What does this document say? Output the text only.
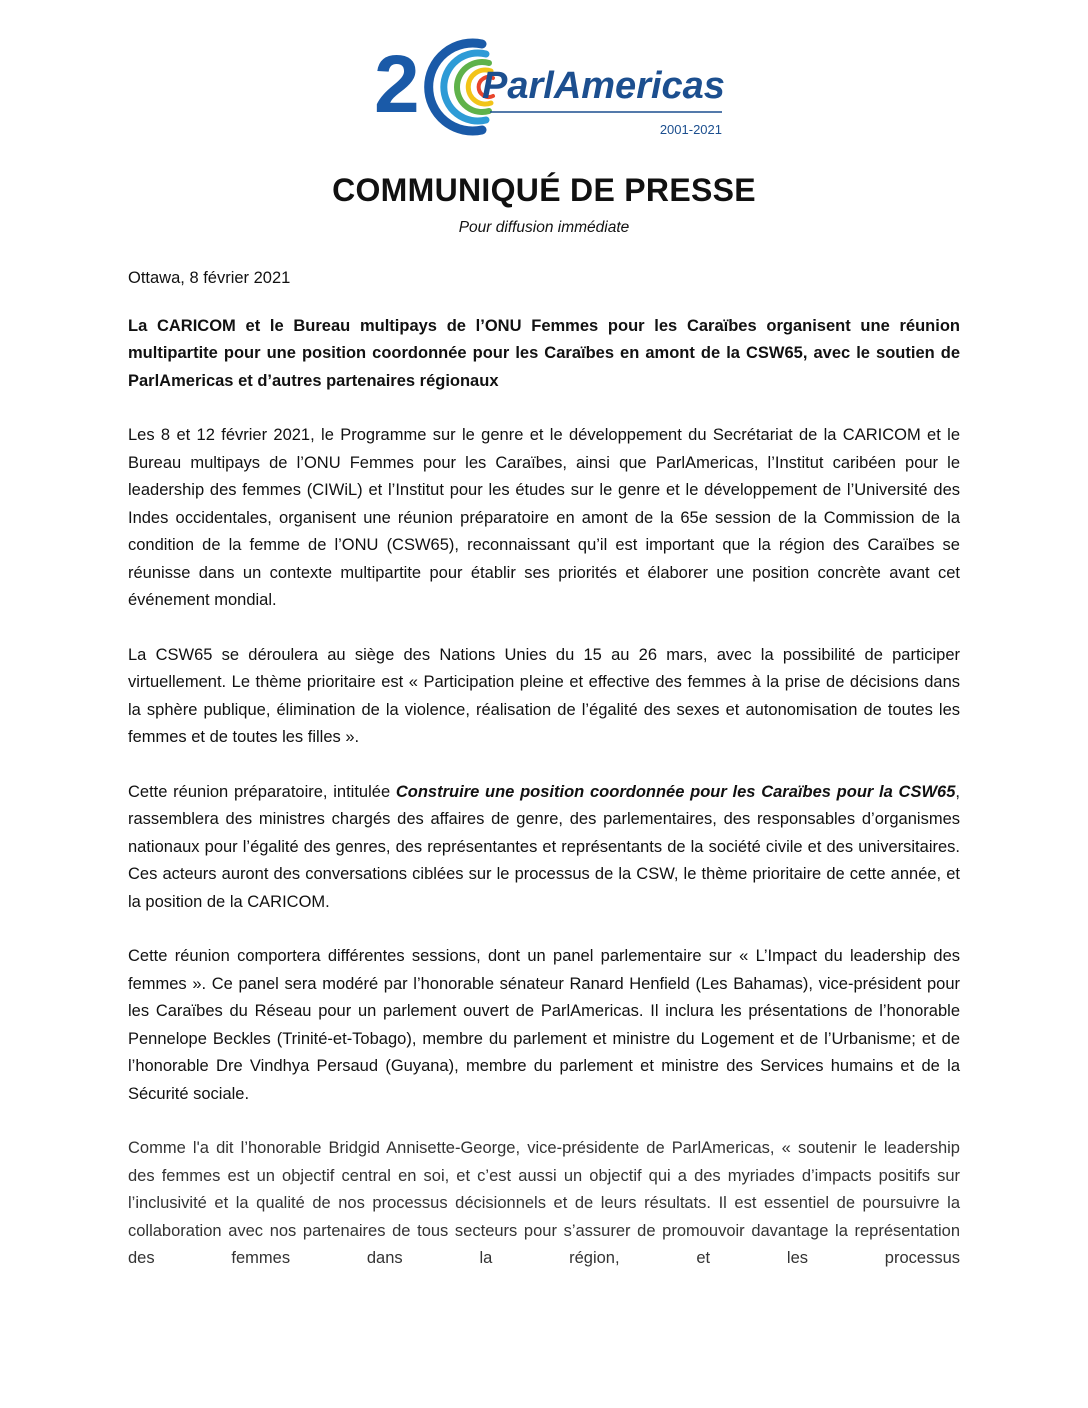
2 ParlAmericas
2001-2021
COMMUNIQUÉ DE PRESSE
Pour diffusion immédiate

Ottawa, 8 février 2021

La CARICOM et le Bureau multipays de l’ONU Femmes pour les Caraïbes organisent une réunion multipartite pour une position coordonnée pour les Caraïbes en amont de la CSW65, avec le soutien de ParlAmericas et d’autres partenaires régionaux

Les 8 et 12 février 2021, le Programme sur le genre et le développement du Secrétariat de la CARICOM et le Bureau multipays de l’ONU Femmes pour les Caraïbes, ainsi que ParlAmericas, l’Institut caribéen pour le leadership des femmes (CIWiL) et l’Institut pour les études sur le genre et le développement de l’Université des Indes occidentales, organisent une réunion préparatoire en amont de la 65e session de la Commission de la condition de la femme de l’ONU (CSW65), reconnaissant qu’il est important que la région des Caraïbes se réunisse dans un contexte multipartite pour établir ses priorités et élaborer une position concrète avant cet événement mondial.

La CSW65 se déroulera au siège des Nations Unies du 15 au 26 mars, avec la possibilité de participer virtuellement. Le thème prioritaire est « Participation pleine et effective des femmes à la prise de décisions dans la sphère publique, élimination de la violence, réalisation de l’égalité des sexes et autonomisation de toutes les femmes et de toutes les filles ».

Cette réunion préparatoire, intitulée Construire une position coordonnée pour les Caraïbes pour la CSW65, rassemblera des ministres chargés des affaires de genre, des parlementaires, des responsables d’organismes nationaux pour l’égalité des genres, des représentantes et représentants de la société civile et des universitaires. Ces acteurs auront des conversations ciblées sur le processus de la CSW, le thème prioritaire de cette année, et la position de la CARICOM.

Cette réunion comportera différentes sessions, dont un panel parlementaire sur « L’Impact du leadership des femmes ». Ce panel sera modéré par l’honorable sénateur Ranard Henfield (Les Bahamas), vice-président pour les Caraïbes du Réseau pour un parlement ouvert de ParlAmericas. Il inclura les présentations de l’honorable Pennelope Beckles (Trinité-et-Tobago), membre du parlement et ministre du Logement et de l’Urbanisme; et de l’honorable Dre Vindhya Persaud (Guyana), membre du parlement et ministre des Services humains et de la Sécurité sociale.

Comme l'a dit l’honorable Bridgid Annisette-George, vice-présidente de ParlAmericas, « soutenir le leadership des femmes est un objectif central en soi, et c’est aussi un objectif qui a des myriades d’impacts positifs sur l’inclusivité et la qualité de nos processus décisionnels et de leurs résultats. Il est essentiel de poursuivre la collaboration avec nos partenaires de tous secteurs pour s’assurer de promouvoir davantage la représentation des femmes dans la région, et les processus
